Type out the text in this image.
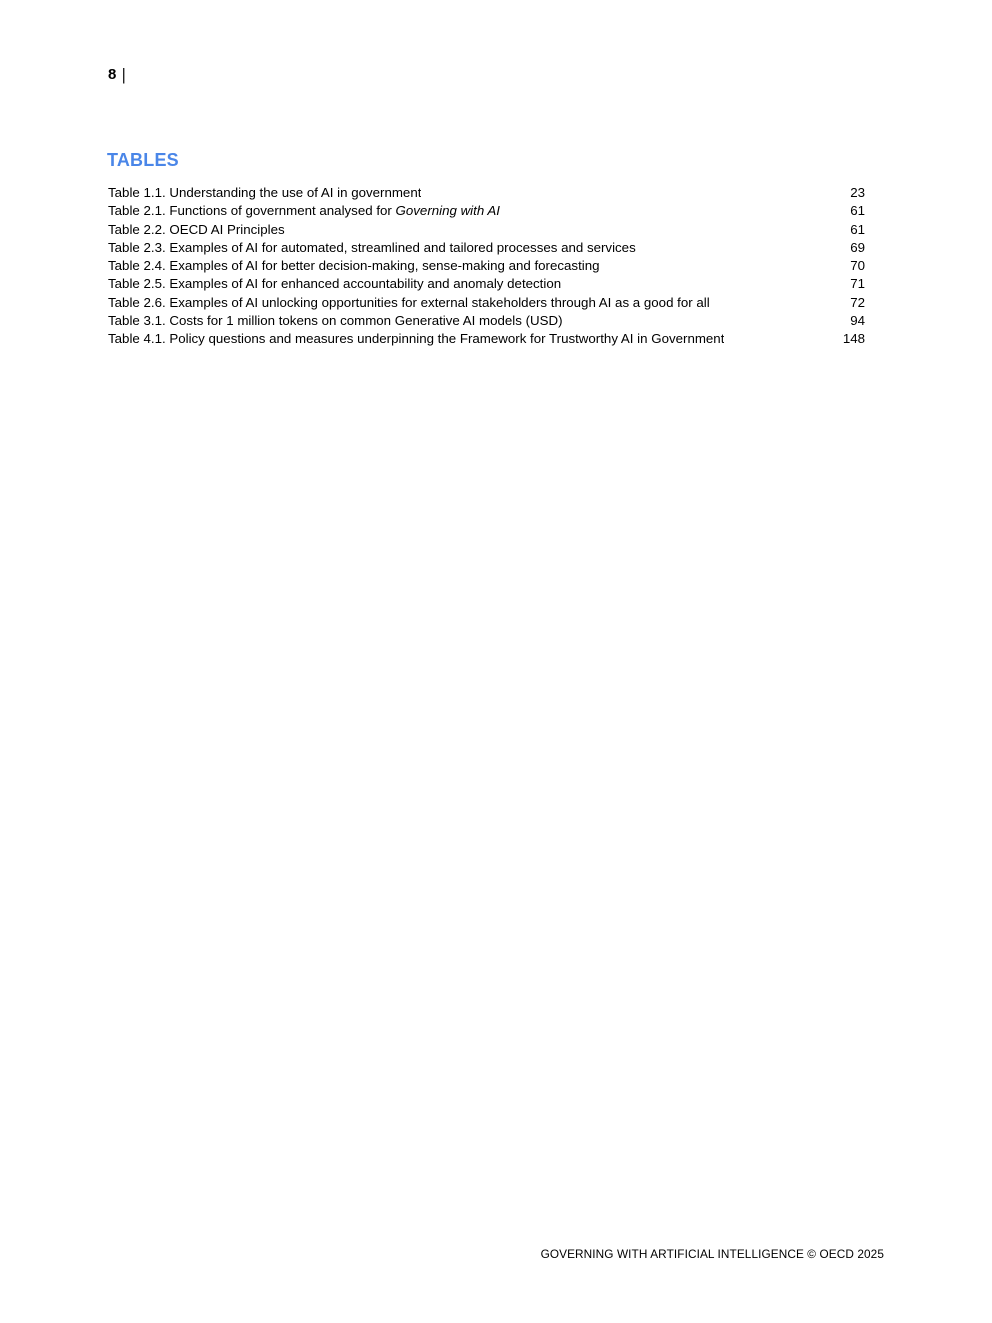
8 |
TABLES
Table 1.1. Understanding the use of AI in government	23
Table 2.1. Functions of government analysed for Governing with AI	61
Table 2.2. OECD AI Principles	61
Table 2.3. Examples of AI for automated, streamlined and tailored processes and services	69
Table 2.4. Examples of AI for better decision-making, sense-making and forecasting	70
Table 2.5. Examples of AI for enhanced accountability and anomaly detection	71
Table 2.6. Examples of AI unlocking opportunities for external stakeholders through AI as a good for all	72
Table 3.1. Costs for 1 million tokens on common Generative AI models (USD)	94
Table 4.1. Policy questions and measures underpinning the Framework for Trustworthy AI in Government	148
GOVERNING WITH ARTIFICIAL INTELLIGENCE © OECD 2025
